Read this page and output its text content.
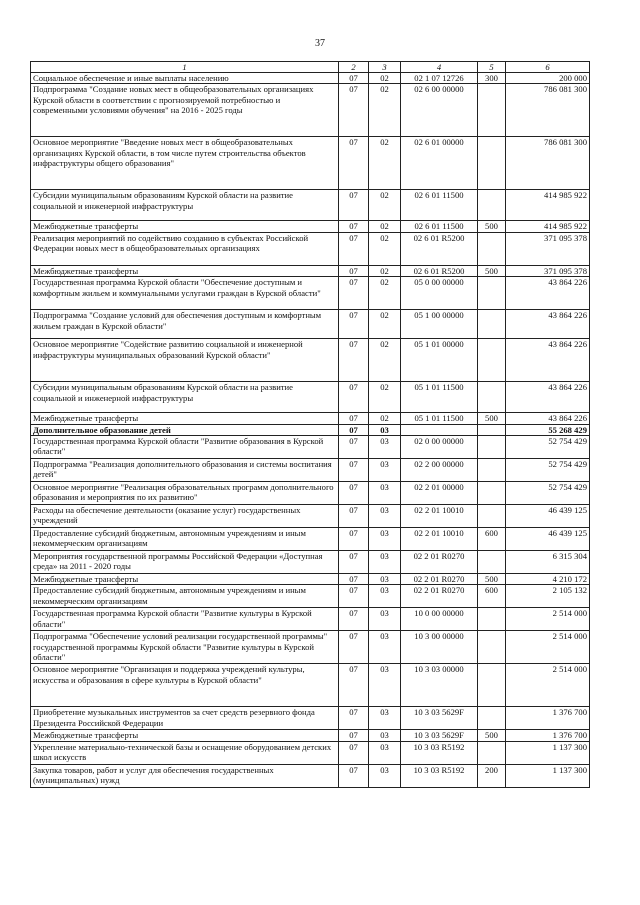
37
1	2	3	4	5	6
Социальное обеспечение и иные выплаты населению	07	02	02 1 07 12726	300	200 000
Подпрограмма "Создание новых мест в общеобразовательных организациях Курской области в соответствии с прогнозируемой потребностью и современными условиями обучения" на 2016 - 2025 годы	07	02	02 6 00 00000		786 081 300
Основное мероприятие "Введение новых мест в общеобразовательных организациях Курской области, в том числе путем строительства объектов инфраструктуры общего образования"	07	02	02 6 01 00000		786 081 300
Субсидии муниципальным образованиям Курской области на развитие социальной и инженерной инфраструктуры	07	02	02 6 01 11500		414 985 922
Межбюджетные трансферты	07	02	02 6 01 11500	500	414 985 922
Реализация мероприятий по содействию созданию в субъектах Российской Федерации новых мест в общеобразовательных организациях	07	02	02 6 01 R5200		371 095 378
Межбюджетные трансферты	07	02	02 6 01 R5200	500	371 095 378
Государственная программа Курской области "Обеспечение доступным и комфортным жильем и коммунальными услугами граждан в Курской области"	07	02	05 0 00 00000		43 864 226
Подпрограмма "Создание условий для обеспечения доступным и комфортным жильем граждан в Курской области"	07	02	05 1 00 00000		43 864 226
Основное мероприятие "Содействие развитию социальной и инженерной инфраструктуры муниципальных образований Курской области"	07	02	05 1 01 00000		43 864 226
Субсидии муниципальным образованиям Курской области на развитие социальной и инженерной инфраструктуры	07	02	05 1 01 11500		43 864 226
Межбюджетные трансферты	07	02	05 1 01 11500	500	43 864 226
Дополнительное образование детей	07	03			55 268 429
Государственная программа Курской области "Развитие образования в Курской области"	07	03	02 0 00 00000		52 754 429
Подпрограмма "Реализация дополнительного образования и системы воспитания детей"	07	03	02 2 00 00000		52 754 429
Основное мероприятие "Реализация образовательных программ дополнительного образования и мероприятия по их развитию"	07	03	02 2 01 00000		52 754 429
Расходы на обеспечение деятельности (оказание услуг) государственных учреждений	07	03	02 2 01 10010		46 439 125
Предоставление субсидий бюджетным, автономным учреждениям и иным некоммерческим организациям	07	03	02 2 01 10010	600	46 439 125
Мероприятия государственной программы Российской Федерации «Доступная среда» на 2011 - 2020 годы	07	03	02 2 01 R0270		6 315 304
Межбюджетные трансферты	07	03	02 2 01 R0270	500	4 210 172
Предоставление субсидий бюджетным, автономным учреждениям и иным некоммерческим организациям	07	03	02 2 01 R0270	600	2 105 132
Государственная программа Курской области "Развитие культуры в Курской области"	07	03	10 0 00 00000		2 514 000
Подпрограмма "Обеспечение условий реализации государственной программы" государственной программы Курской области "Развитие культуры в Курской области"	07	03	10 3 00 00000		2 514 000
Основное мероприятие "Организация и поддержка учреждений культуры, искусства и образования в сфере культуры в Курской области"	07	03	10 3 03 00000		2 514 000
Приобретение музыкальных инструментов за счет средств резервного фонда Президента Российской Федерации	07	03	10 3 03 5629F		1 376 700
Межбюджетные трансферты	07	03	10 3 03 5629F	500	1 376 700
Укрепление материально-технической базы и оснащение оборудованием детских школ искусств	07	03	10 3 03 R5192		1 137 300
Закупка товаров, работ и услуг для обеспечения государственных (муниципальных) нужд	07	03	10 3 03 R5192	200	1 137 300
